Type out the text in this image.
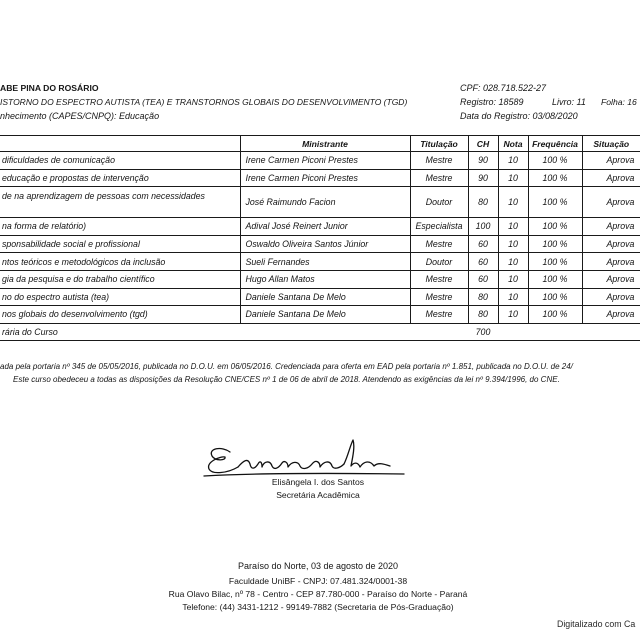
ABE PINA DO ROSÁRIO
ISTORNO DO ESPECTRO AUTISTA (TEA) E TRANSTORNOS GLOBAIS DO DESENVOLVIMENTO (TGD)
nhecimento (CAPES/CNPQ): Educação
CPF: 028.718.522-27
Registro: 18589	Livro: 11 Folha: 16
Data do Registro: 03/08/2020
	Ministrante	Titulação	CH	Nota	Frequência	Situação
dificuldades de comunicação	Irene Carmen Piconi Prestes	Mestre	90	10	100 %	Aprova
educação e propostas de intervenção	Irene Carmen Piconi Prestes	Mestre	90	10	100 %	Aprova
de na aprendizagem de pessoas com necessidades	José Raimundo Facion	Doutor	80	10	100 %	Aprova
na forma de relatório)	Adival José Reinert Junior	Especialista	100	10	100 %	Aprova
sponsabilidade social e profissional	Oswaldo Oliveira Santos Júnior	Mestre	60	10	100 %	Aprova
ntos teóricos e metodológicos da inclusão	Sueli Fernandes	Doutor	60	10	100 %	Aprova
gia da pesquisa e do trabalho científico	Hugo Allan Matos	Mestre	60	10	100 %	Aprova
no do espectro autista (tea)	Daniele Santana De Melo	Mestre	80	10	100 %	Aprova
nos globais do desenvolvimento (tgd)	Daniele Santana De Melo	Mestre	80	10	100 %	Aprova
rária do Curso			700			
ada pela portaria nº 345 de 05/05/2016, publicada no D.O.U. em 06/05/2016. Credenciada para oferta em EAD pela portaria nº 1.851, publicada no D.O.U. de 24/
Este curso obedeceu a todas as disposições da Resolução CNE/CES nº 1 de 06 de abril de 2018. Atendendo as exigências da lei nº 9.394/1996, do CNE.
Elisângela I. dos Santos
Secretária Acadêmica
Paraíso do Norte, 03 de agosto de 2020
Faculdade UniBF - CNPJ: 07.481.324/0001-38
Rua Olavo Bilac, nº 78 - Centro - CEP 87.780-000 - Paraíso do Norte - Paraná
Telefone: (44) 3431-1212 - 99149-7882 (Secretaria de Pós-Graduação)
Digitalizado com Ca
